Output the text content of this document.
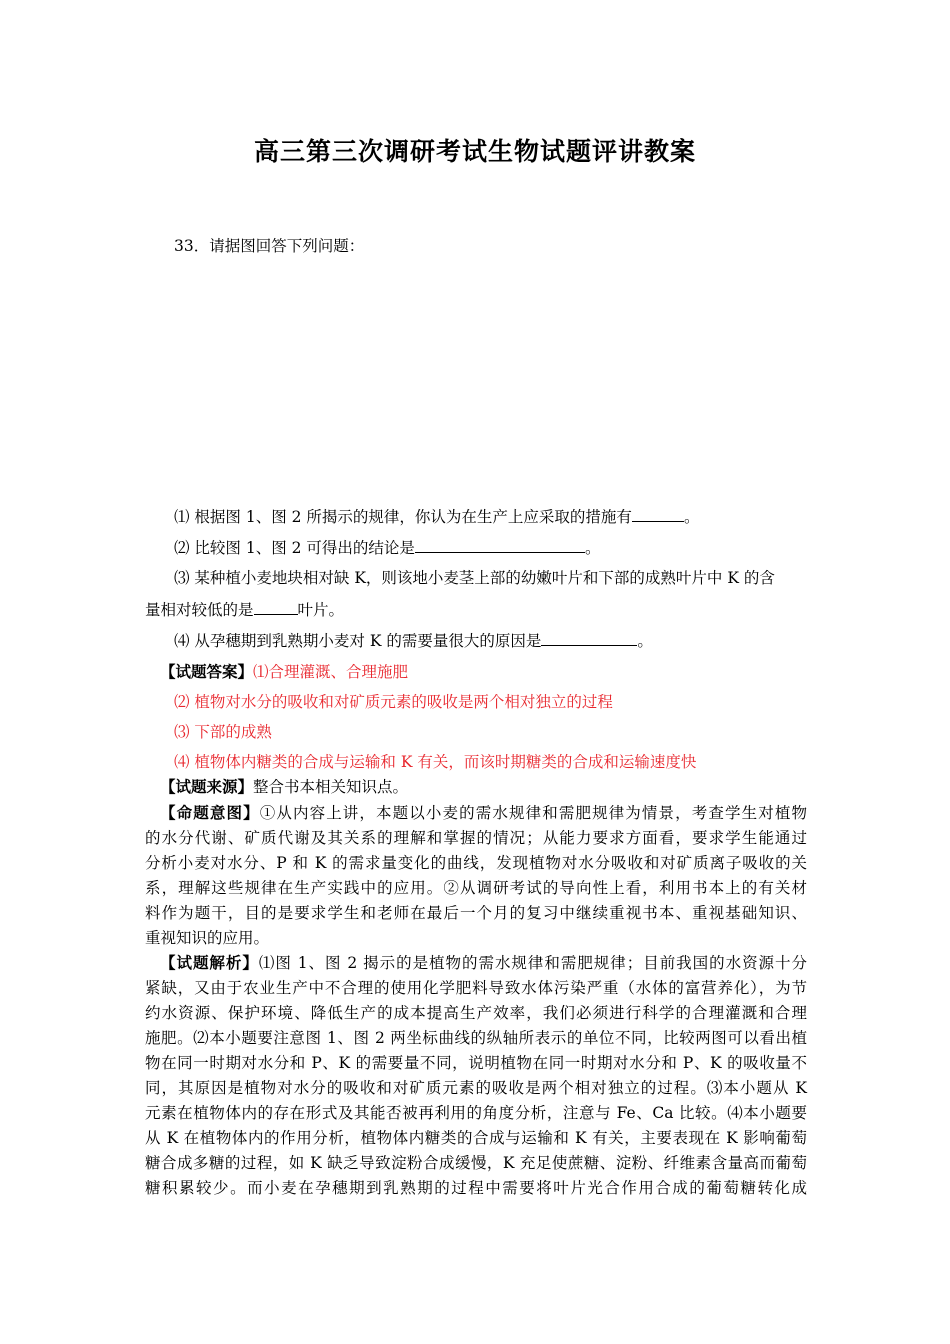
高三第三次调研考试生物试题评讲教案
33．请据图回答下列问题：
⑴ 根据图 1、图 2 所揭示的规律，你认为在生产上应采取的措施有	。
⑵ 比较图 1、图 2 可得出的结论是	。
⑶ 某种植小麦地块相对缺 K，则该地小麦茎上部的幼嫩叶片和下部的成熟叶片中 K 的含
量相对较低的是	叶片。
⑷ 从孕穗期到乳熟期小麦对 K 的需要量很大的原因是	。
【试题答案】⑴合理灌溉、合理施肥
⑵ 植物对水分的吸收和对矿质元素的吸收是两个相对独立的过程
⑶ 下部的成熟
⑷ 植物体内糖类的合成与运输和 K 有关，而该时期糖类的合成和运输速度快
【试题来源】整合书本相关知识点。
【命题意图】①从内容上讲，本题以小麦的需水规律和需肥规律为情景，考查学生对植物
的水分代谢、矿质代谢及其关系的理解和掌握的情况；从能力要求方面看，要求学生能通过
分析小麦对水分、P 和 K 的需求量变化的曲线，发现植物对水分吸收和对矿质离子吸收的关
系，理解这些规律在生产实践中的应用。②从调研考试的导向性上看，利用书本上的有关材
料作为题干，目的是要求学生和老师在最后一个月的复习中继续重视书本、重视基础知识、
重视知识的应用。
【试题解析】⑴图 1、图 2 揭示的是植物的需水规律和需肥规律；目前我国的水资源十分
紧缺，又由于农业生产中不合理的使用化学肥料导致水体污染严重（水体的富营养化），为节
约水资源、保护环境、降低生产的成本提高生产效率，我们必须进行科学的合理灌溉和合理
施肥。⑵本小题要注意图 1、图 2 两坐标曲线的纵轴所表示的单位不同，比较两图可以看出植
物在同一时期对水分和 P、K 的需要量不同，说明植物在同一时期对水分和 P、K 的吸收量不
同，其原因是植物对水分的吸收和对矿质元素的吸收是两个相对独立的过程。⑶本小题从 K
元素在植物体内的存在形式及其能否被再利用的角度分析，注意与 Fe、Ca 比较。⑷本小题要
从 K 在植物体内的作用分析，植物体内糖类的合成与运输和 K 有关，主要表现在 K 影响葡萄
糖合成多糖的过程，如 K 缺乏导致淀粉合成缓慢，K 充足使蔗糖、淀粉、纤维素含量高而葡萄
糖积累较少。而小麦在孕穗期到乳熟期的过程中需要将叶片光合作用合成的葡萄糖转化成
